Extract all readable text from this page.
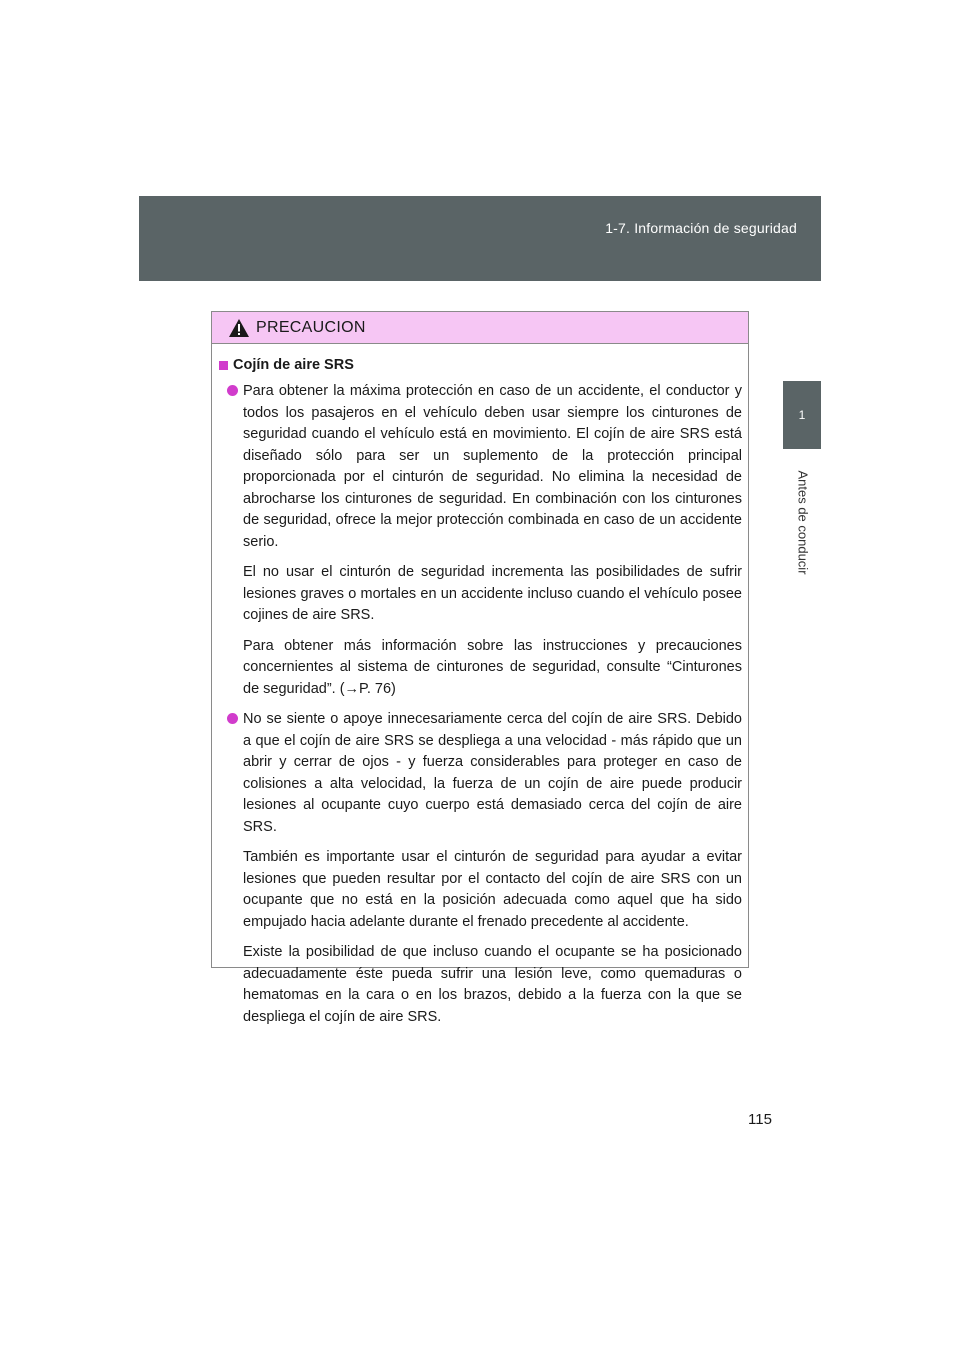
1-7. Información de seguridad
1
Antes de conducir
PRECAUCION
Cojín de aire SRS

Para obtener la máxima protección en caso de un accidente, el conductor y todos los pasajeros en el vehículo deben usar siempre los cinturones de seguridad cuando el vehículo está en movimiento. El cojín de aire SRS está diseñado sólo para ser un suplemento de la protección principal proporcionada por el cinturón de seguridad. No elimina la necesidad de abrocharse los cinturones de seguridad. En combinación con los cinturones de seguridad, ofrece la mejor protección combinada en caso de un accidente serio.

El no usar el cinturón de seguridad incrementa las posibilidades de sufrir lesiones graves o mortales en un accidente incluso cuando el vehículo posee cojines de aire SRS.

Para obtener más información sobre las instrucciones y precauciones concernientes al sistema de cinturones de seguridad, consulte “Cinturones de seguridad”. (→P. 76)

No se siente o apoye innecesariamente cerca del cojín de aire SRS. Debido a que el cojín de aire SRS se despliega a una velocidad - más rápido que un abrir y cerrar de ojos - y fuerza considerables para proteger en caso de colisiones a alta velocidad, la fuerza de un cojín de aire puede producir lesiones al ocupante cuyo cuerpo está demasiado cerca del cojín de aire SRS.

También es importante usar el cinturón de seguridad para ayudar a evitar lesiones que pueden resultar por el contacto del cojín de aire SRS con un ocupante que no está en la posición adecuada como aquel que ha sido empujado hacia adelante durante el frenado precedente al accidente.

Existe la posibilidad de que incluso cuando el ocupante se ha posicionado adecuadamente éste pueda sufrir una lesión leve, como quemaduras o hematomas en la cara o en los brazos, debido a la fuerza con la que se despliega el cojín de aire SRS.

115
